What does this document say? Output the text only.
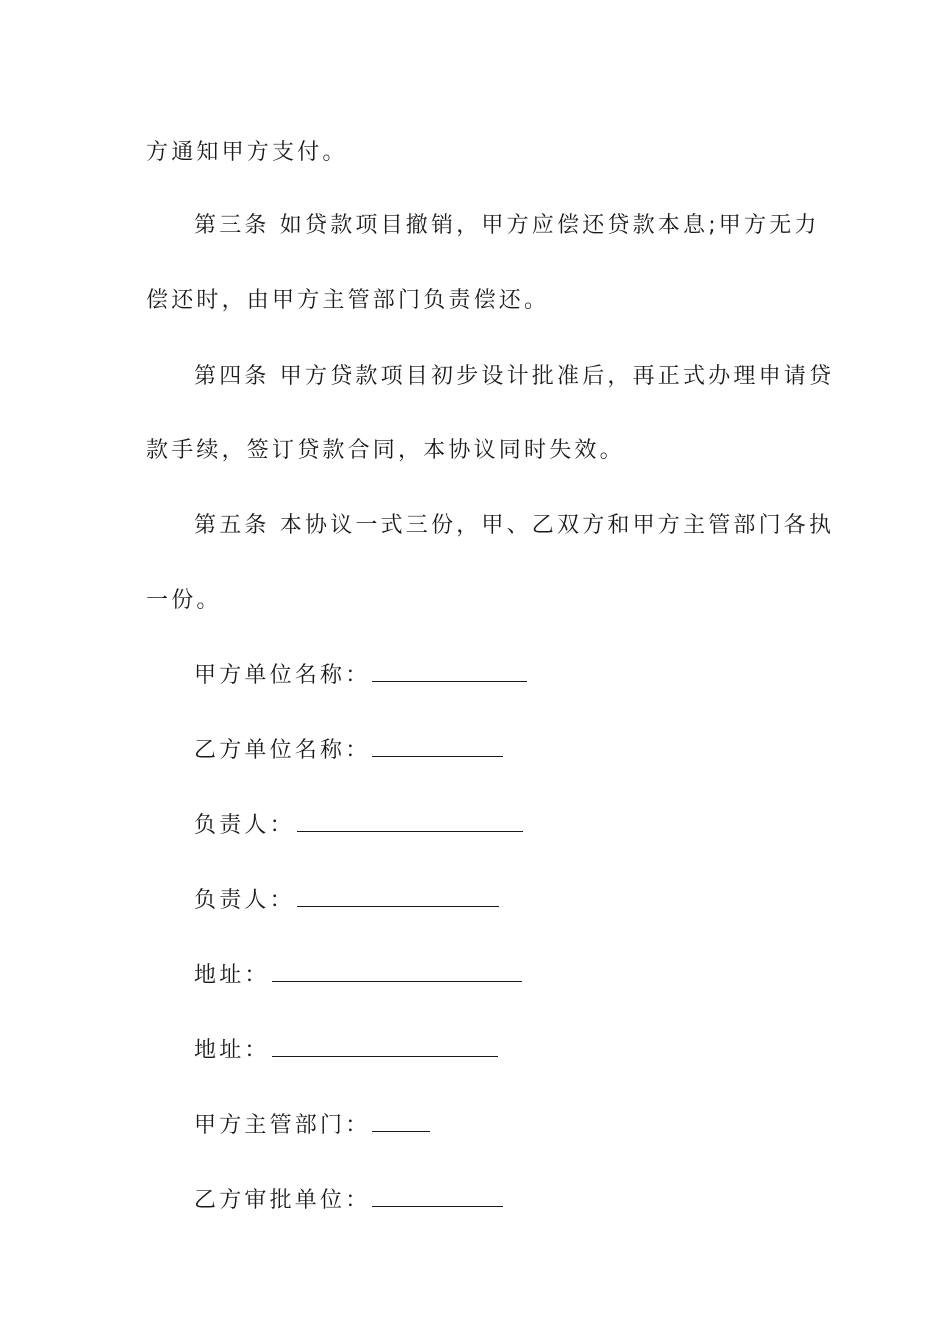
方通知甲方支付。
第三条 如贷款项目撤销，甲方应偿还贷款本息;甲方无力
偿还时，由甲方主管部门负责偿还。
第四条 甲方贷款项目初步设计批准后，再正式办理申请贷
款手续，签订贷款合同，本协议同时失效。
第五条 本协议一式三份，甲、乙双方和甲方主管部门各执
一份。
甲方单位名称：
乙方单位名称：
负责人：
负责人：
地址：
地址：
甲方主管部门：
乙方审批单位：
